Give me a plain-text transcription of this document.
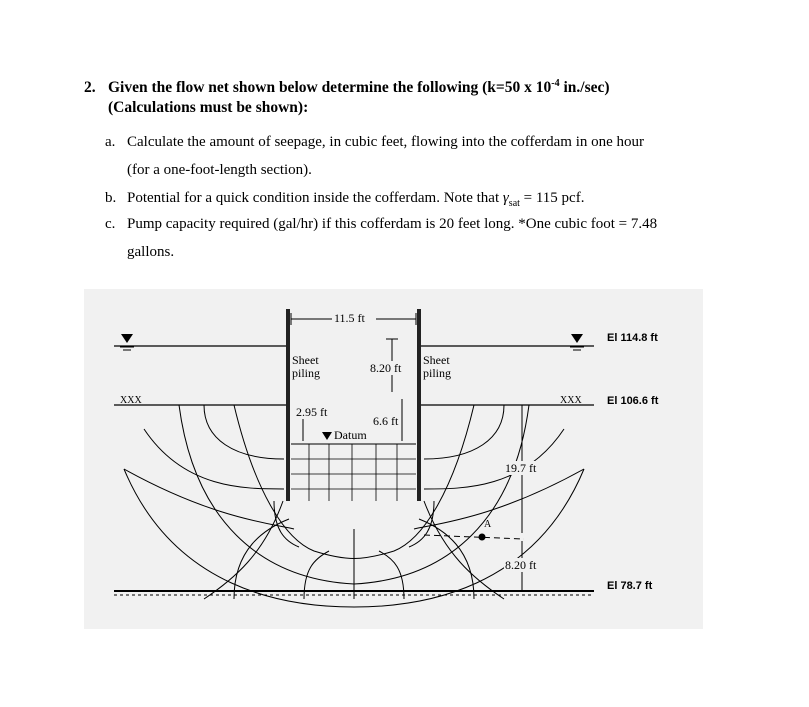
2. Given the flow net shown below determine the following (k=50 x $10^{-4}$ in./sec)
(Calculations must be shown):
a. Calculate the amount of seepage, in cubic feet, flowing into the cofferdam in one hour
(for a one-foot-length section).
b. Potential for a quick condition inside the cofferdam. Note that $\gamma_{sat} = 115$ pcf.
c. Pump capacity required (gal/hr) if this cofferdam is 20 feet long. *One cubic foot = 7.48
gallons.
XXX	XXX
11.5 ft
Sheet
piling
Sheet
piling
8.20 ft
2.95 ft
6.6 ft
Datum
A
19.7 ft
8.20 ft
El 114.8 ft
El 106.6 ft
El 78.7 ft
